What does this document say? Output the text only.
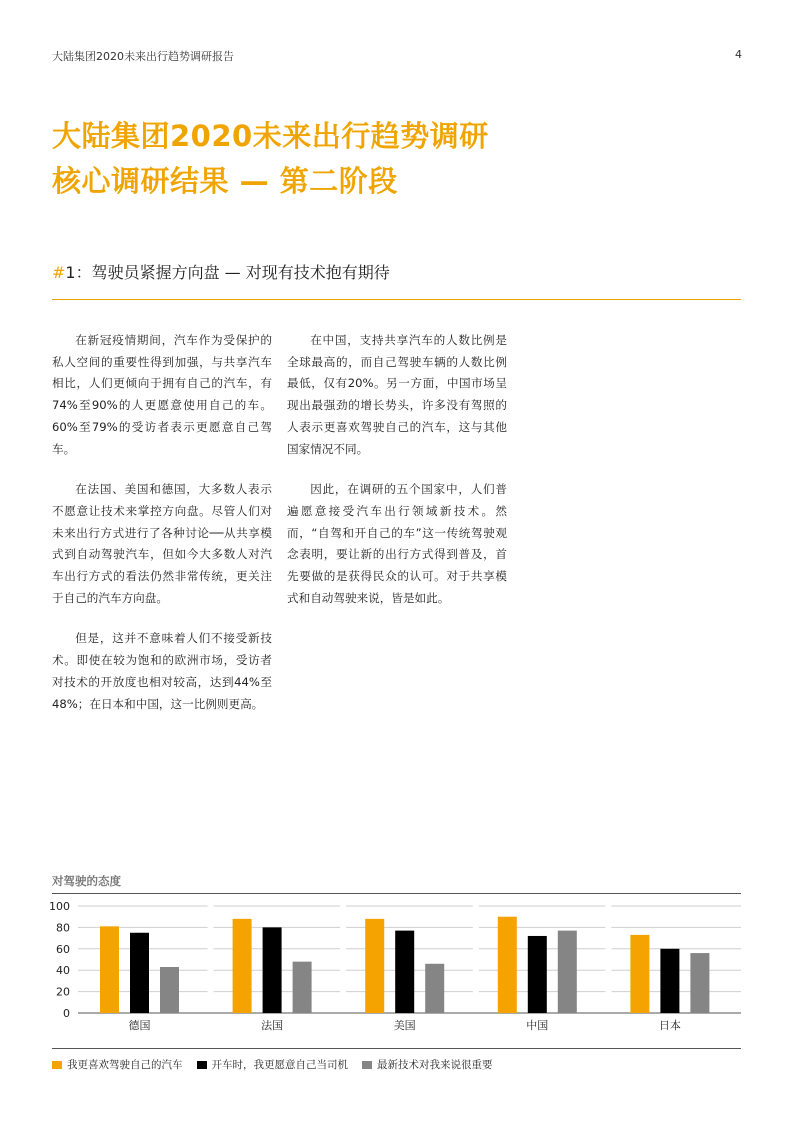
大陆集团2020未来出行趋势调研报告	4
大陆集团2020未来出行趋势调研
核心调研结果 — 第二阶段
#1：驾驶员紧握方向盘 — 对现有技术抱有期待

在新冠疫情期间，汽车作为受保护的私人空间的重要性得到加强，与共享汽车相比，人们更倾向于拥有自己的汽车，有74%至90%的人更愿意使用自己的车。60%至79%的受访者表示更愿意自己驾车。

在法国、美国和德国，大多数人表示不愿意让技术来掌控方向盘。尽管人们对未来出行方式进行了各种讨论──从共享模式到自动驾驶汽车，但如今大多数人对汽车出行方式的看法仍然非常传统，更关注于自己的汽车方向盘。

但是，这并不意味着人们不接受新技术。即使在较为饱和的欧洲市场，受访者对技术的开放度也相对较高，达到44%至48%；在日本和中国，这一比例则更高。

在中国，支持共享汽车的人数比例是全球最高的，而自己驾驶车辆的人数比例最低，仅有20%。另一方面，中国市场呈现出最强劲的增长势头，许多没有驾照的人表示更喜欢驾驶自己的汽车，这与其他国家情况不同。

因此，在调研的五个国家中，人们普遍愿意接受汽车出行领域新技术。然而，“自驾和开自己的车”这一传统驾驶观念表明，要让新的出行方式得到普及，首先要做的是获得民众的认可。对于共享模式和自动驾驶来说，皆是如此。

对驾驶的态度
0
20
40
60
80
100
德国	法国	美国	中国	日本
我更喜欢驾驶自己的汽车	开车时，我更愿意自己当司机	最新技术对我来说很重要
